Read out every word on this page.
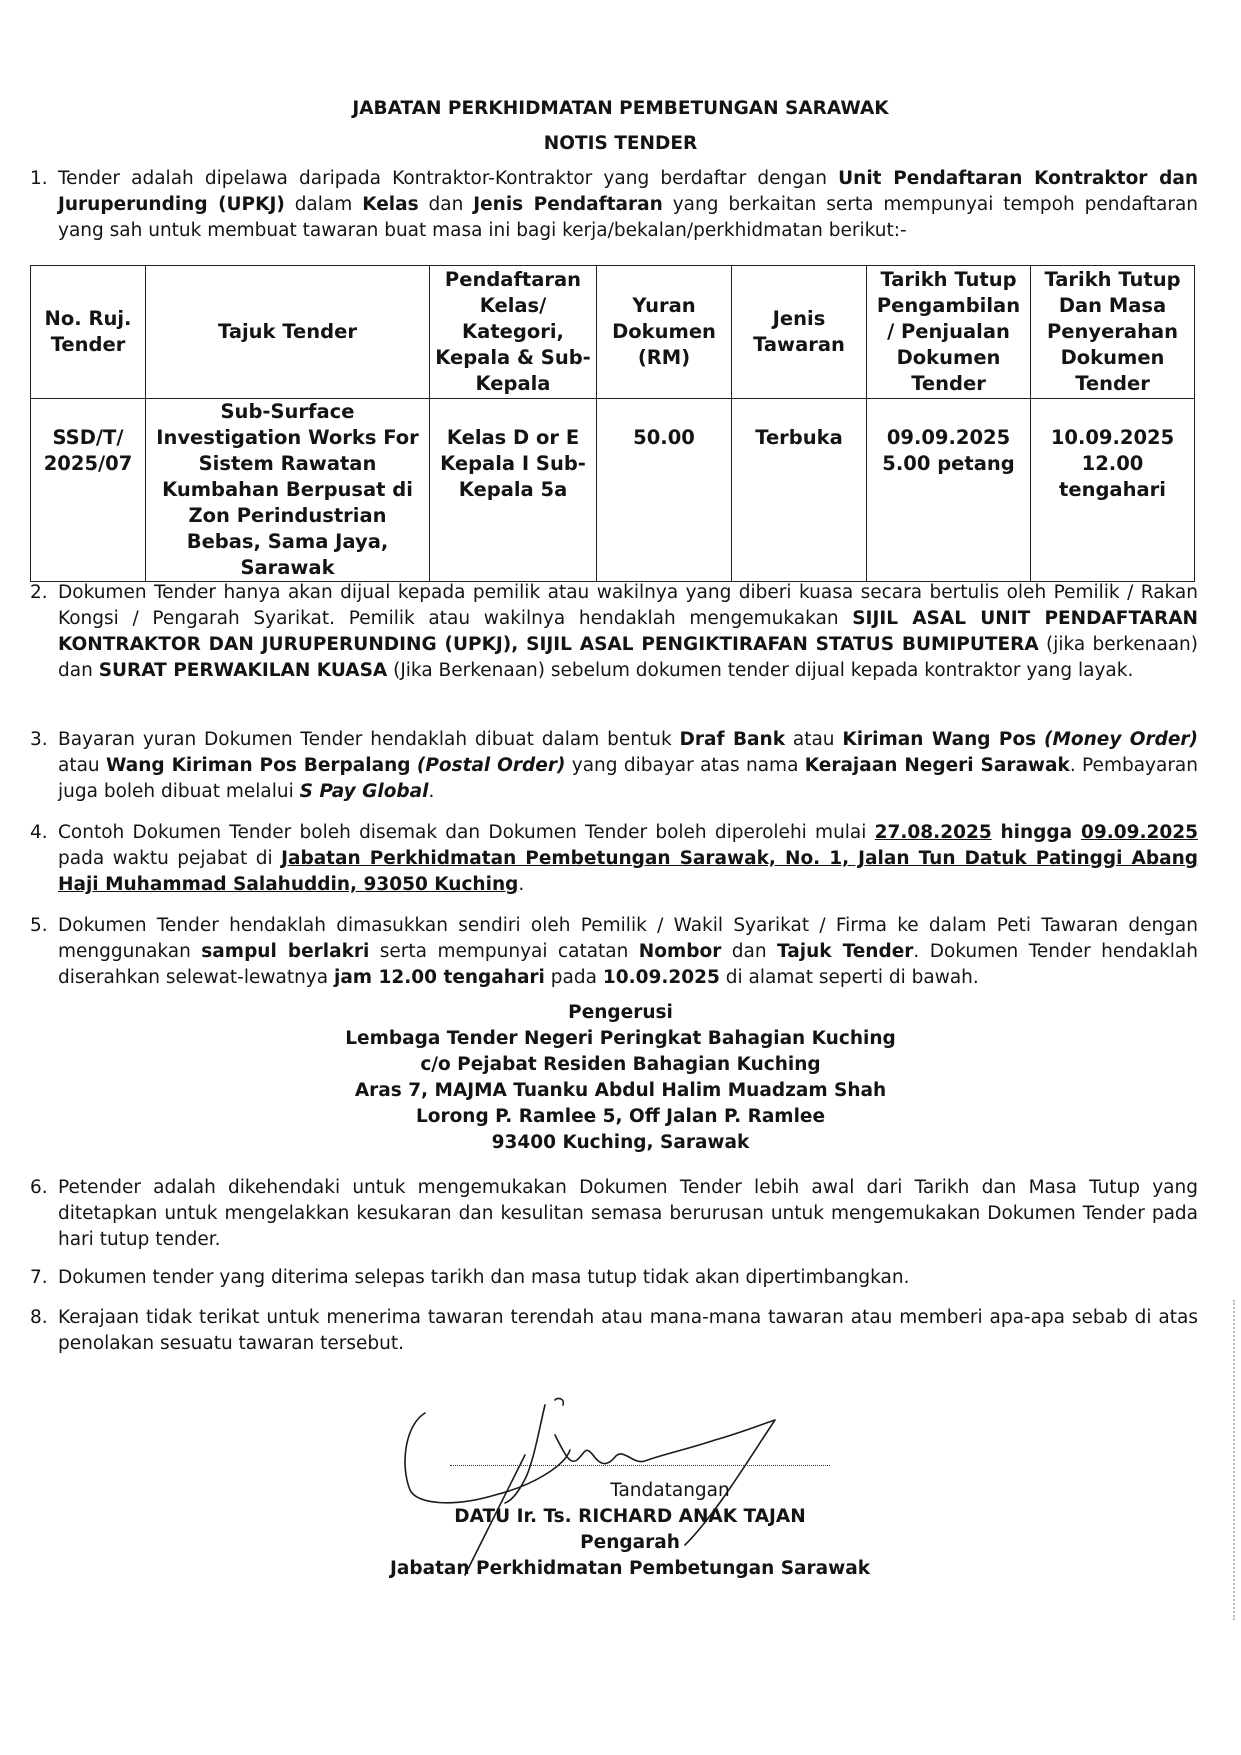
JABATAN PERKHIDMATAN PEMBETUNGAN SARAWAK
NOTIS TENDER
1. Tender adalah dipelawa daripada Kontraktor-Kontraktor yang berdaftar dengan Unit Pendaftaran Kontraktor dan Juruperunding (UPKJ) dalam Kelas dan Jenis Pendaftaran yang berkaitan serta mempunyai tempoh pendaftaran yang sah untuk membuat tawaran buat masa ini bagi kerja/bekalan/perkhidmatan berikut:-
No. Ruj. Tender	Tajuk Tender	Pendaftaran Kelas/ Kategori, Kepala & Sub-Kepala	Yuran Dokumen (RM)	Jenis Tawaran	Tarikh Tutup Pengambilan / Penjualan Dokumen Tender	Tarikh Tutup Dan Masa Penyerahan Dokumen Tender
SSD/T/ 2025/07	Sub-Surface Investigation Works For Sistem Rawatan Kumbahan Berpusat di Zon Perindustrian Bebas, Sama Jaya, Sarawak	Kelas D or E Kepala I Sub-Kepala 5a	50.00	Terbuka	09.09.2025 5.00 petang	10.09.2025 12.00 tengahari
2. Dokumen Tender hanya akan dijual kepada pemilik atau wakilnya yang diberi kuasa secara bertulis oleh Pemilik / Rakan Kongsi / Pengarah Syarikat. Pemilik atau wakilnya hendaklah mengemukakan SIJIL ASAL UNIT PENDAFTARAN KONTRAKTOR DAN JURUPERUNDING (UPKJ), SIJIL ASAL PENGIKTIRAFAN STATUS BUMIPUTERA (jika berkenaan) dan SURAT PERWAKILAN KUASA (Jika Berkenaan) sebelum dokumen tender dijual kepada kontraktor yang layak.
3. Bayaran yuran Dokumen Tender hendaklah dibuat dalam bentuk Draf Bank atau Kiriman Wang Pos (Money Order) atau Wang Kiriman Pos Berpalang (Postal Order) yang dibayar atas nama Kerajaan Negeri Sarawak. Pembayaran juga boleh dibuat melalui S Pay Global.
4. Contoh Dokumen Tender boleh disemak dan Dokumen Tender boleh diperolehi mulai 27.08.2025 hingga 09.09.2025 pada waktu pejabat di Jabatan Perkhidmatan Pembetungan Sarawak, No. 1, Jalan Tun Datuk Patinggi Abang Haji Muhammad Salahuddin, 93050 Kuching.
5. Dokumen Tender hendaklah dimasukkan sendiri oleh Pemilik / Wakil Syarikat / Firma ke dalam Peti Tawaran dengan menggunakan sampul berlakri serta mempunyai catatan Nombor dan Tajuk Tender. Dokumen Tender hendaklah diserahkan selewat-lewatnya jam 12.00 tengahari pada 10.09.2025 di alamat seperti di bawah.
Pengerusi
Lembaga Tender Negeri Peringkat Bahagian Kuching
c/o Pejabat Residen Bahagian Kuching
Aras 7, MAJMA Tuanku Abdul Halim Muadzam Shah
Lorong P. Ramlee 5, Off Jalan P. Ramlee
93400 Kuching, Sarawak
6. Petender adalah dikehendaki untuk mengemukakan Dokumen Tender lebih awal dari Tarikh dan Masa Tutup yang ditetapkan untuk mengelakkan kesukaran dan kesulitan semasa berurusan untuk mengemukakan Dokumen Tender pada hari tutup tender.
7. Dokumen tender yang diterima selepas tarikh dan masa tutup tidak akan dipertimbangkan.
8. Kerajaan tidak terikat untuk menerima tawaran terendah atau mana-mana tawaran atau memberi apa-apa sebab di atas penolakan sesuatu tawaran tersebut.
Tandatangan
DATU Ir. Ts. RICHARD ANAK TAJAN
Pengarah
Jabatan Perkhidmatan Pembetungan Sarawak
